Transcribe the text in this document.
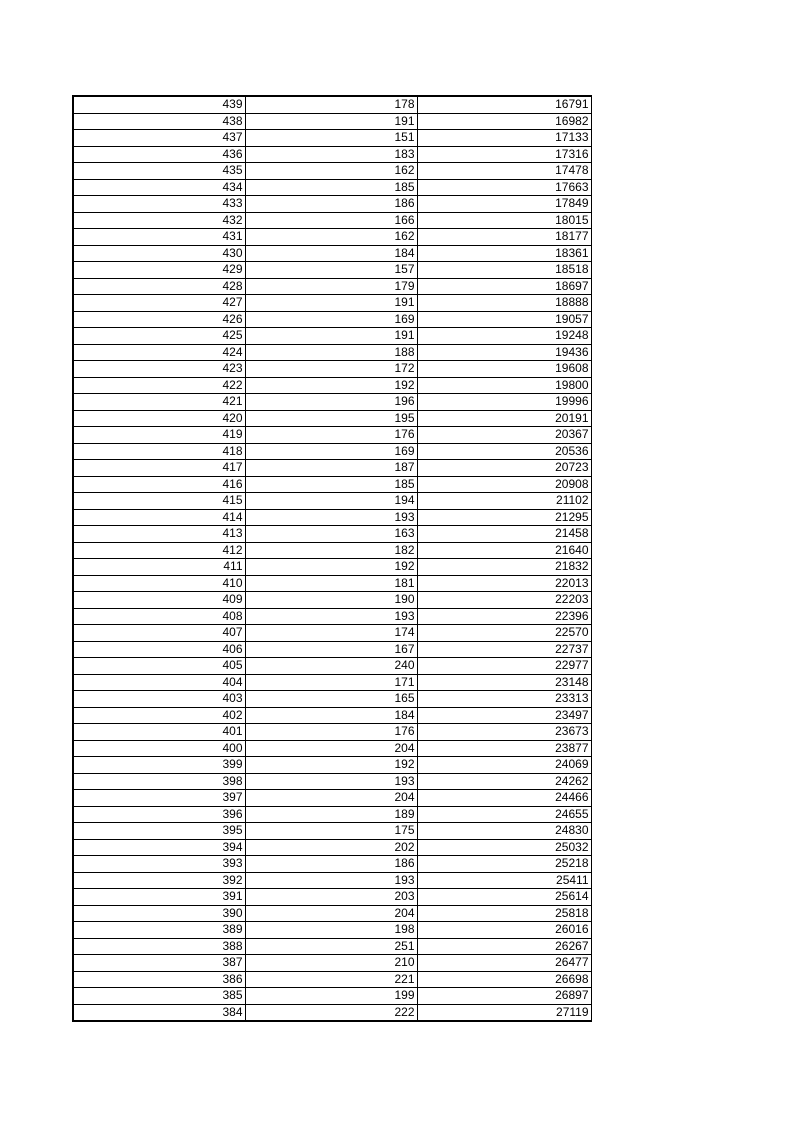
439	178	16791
438	191	16982
437	151	17133
436	183	17316
435	162	17478
434	185	17663
433	186	17849
432	166	18015
431	162	18177
430	184	18361
429	157	18518
428	179	18697
427	191	18888
426	169	19057
425	191	19248
424	188	19436
423	172	19608
422	192	19800
421	196	19996
420	195	20191
419	176	20367
418	169	20536
417	187	20723
416	185	20908
415	194	21102
414	193	21295
413	163	21458
412	182	21640
411	192	21832
410	181	22013
409	190	22203
408	193	22396
407	174	22570
406	167	22737
405	240	22977
404	171	23148
403	165	23313
402	184	23497
401	176	23673
400	204	23877
399	192	24069
398	193	24262
397	204	24466
396	189	24655
395	175	24830
394	202	25032
393	186	25218
392	193	25411
391	203	25614
390	204	25818
389	198	26016
388	251	26267
387	210	26477
386	221	26698
385	199	26897
384	222	27119
